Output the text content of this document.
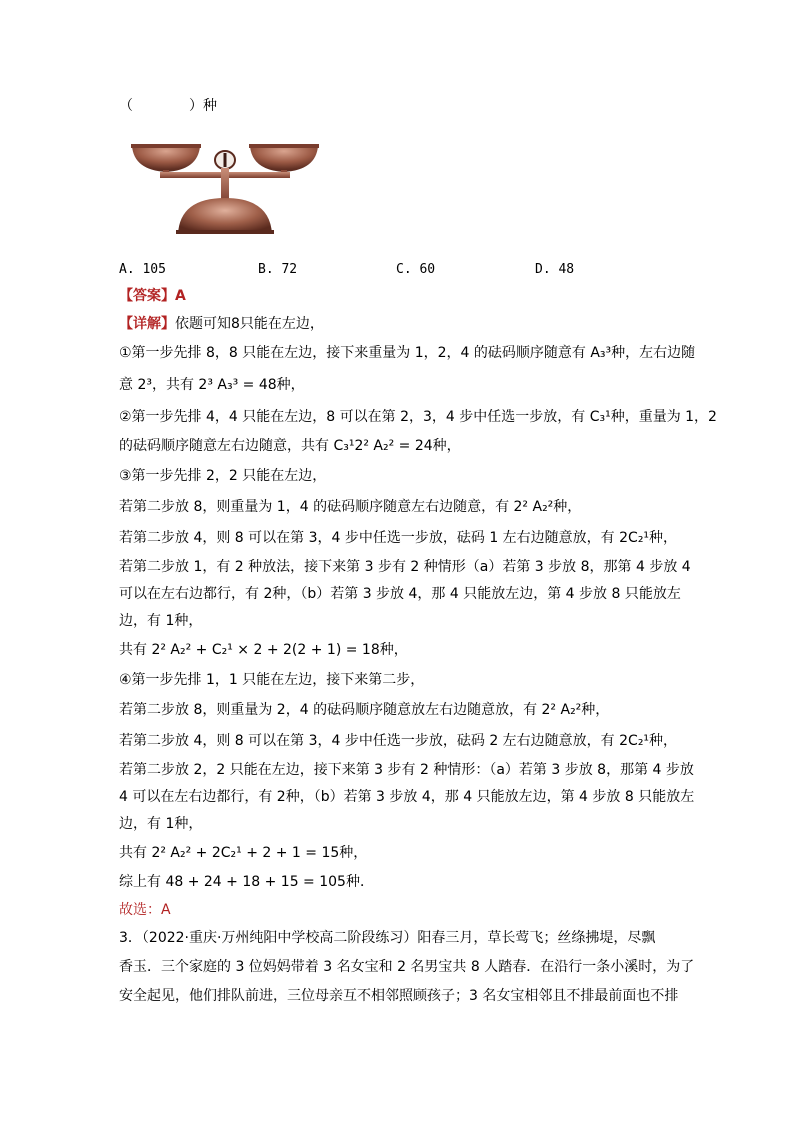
（　　　　）种
A. 105	B. 72	C. 60	D. 48
【答案】A
【详解】依题可知8只能在左边，
①第一步先排 8，8 只能在左边，接下来重量为 1，2，4 的砝码顺序随意有 A₃³种，左右边随
意 2³，共有 2³ A₃³ = 48种，
②第一步先排 4，4 只能在左边，8 可以在第 2，3，4 步中任选一步放，有 C₃¹种，重量为 1，2
的砝码顺序随意左右边随意，共有 C₃¹2² A₂² = 24种，
③第一步先排 2，2 只能在左边，
若第二步放 8，则重量为 1，4 的砝码顺序随意左右边随意，有 2² A₂²种，
若第二步放 4，则 8 可以在第 3，4 步中任选一步放，砝码 1 左右边随意放，有 2C₂¹种，
若第二步放 1，有 2 种放法，接下来第 3 步有 2 种情形（a）若第 3 步放 8，那第 4 步放 4
可以在左右边都行，有 2种，（b）若第 3 步放 4，那 4 只能放左边，第 4 步放 8 只能放左
边，有 1种，
共有 2² A₂² + C₂¹ × 2 + 2(2 + 1) = 18种，
④第一步先排 1，1 只能在左边，接下来第二步，
若第二步放 8，则重量为 2，4 的砝码顺序随意放左右边随意放，有 2² A₂²种，
若第二步放 4，则 8 可以在第 3，4 步中任选一步放，砝码 2 左右边随意放，有 2C₂¹种，
若第二步放 2，2 只能在左边，接下来第 3 步有 2 种情形：（a）若第 3 步放 8，那第 4 步放
4 可以在左右边都行，有 2种，（b）若第 3 步放 4，那 4 只能放左边，第 4 步放 8 只能放左
边，有 1种，
共有 2² A₂² + 2C₂¹ + 2 + 1 = 15种，
综上有 48 + 24 + 18 + 15 = 105种．
故选：A
3．（2022·重庆·万州纯阳中学校高二阶段练习）阳春三月，草长莺飞；丝绦拂堤，尽飘
香玉．三个家庭的 3 位妈妈带着 3 名女宝和 2 名男宝共 8 人踏春．在沿行一条小溪时，为了
安全起见，他们排队前进，三位母亲互不相邻照顾孩子；3 名女宝相邻且不排最前面也不排
